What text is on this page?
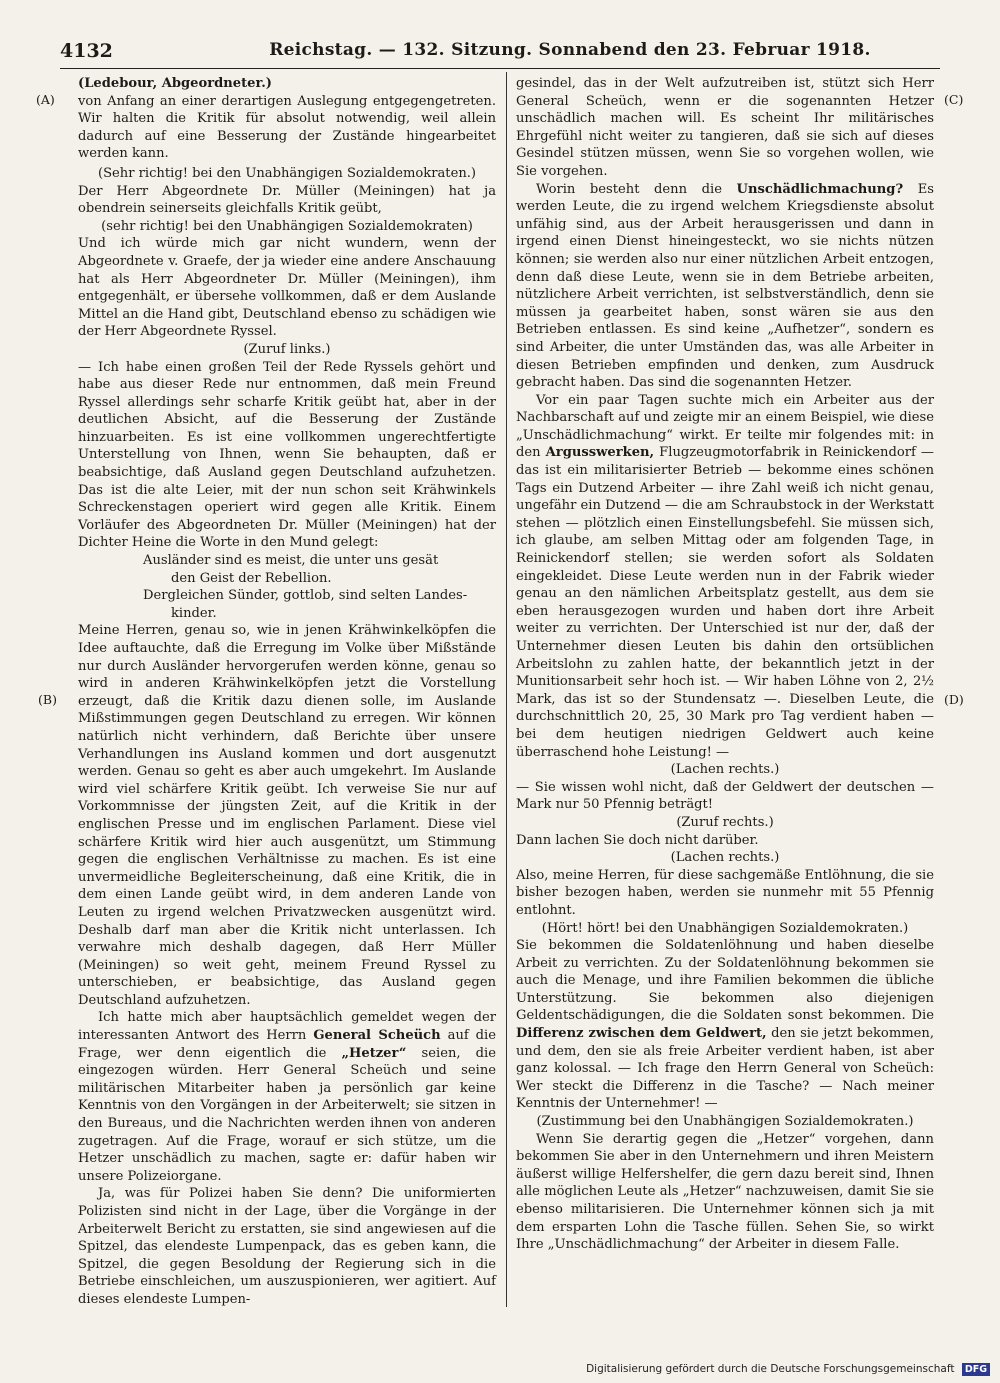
4132	Reichstag. — 132. Sitzung. Sonnabend den 23. Februar 1918.
(A)
(B)
(C)
(D)

(Ledebour, Abgeordneter.)

von Anfang an einer derartigen Auslegung entgegengetreten. Wir halten die Kritik für absolut notwendig, weil allein dadurch auf eine Besserung der Zustände hingearbeitet werden kann.

(Sehr richtig! bei den Unabhängigen Sozialdemokraten.)

Der Herr Abgeordnete Dr. Müller (Meiningen) hat ja obendrein seinerseits gleichfalls Kritik geübt,

(sehr richtig! bei den Unabhängigen Sozialdemokraten)

Und ich würde mich gar nicht wundern, wenn der Abgeordnete v. Graefe, der ja wieder eine andere Anschauung hat als Herr Abgeordneter Dr. Müller (Meiningen), ihm entgegenhält, er übersehe vollkommen, daß er dem Auslande Mittel an die Hand gibt, Deutschland ebenso zu schädigen wie der Herr Abgeordnete Ryssel.

(Zuruf links.)

— Ich habe einen großen Teil der Rede Ryssels gehört und habe aus dieser Rede nur entnommen, daß mein Freund Ryssel allerdings sehr scharfe Kritik geübt hat, aber in der deutlichen Absicht, auf die Besserung der Zustände hinzuarbeiten. Es ist eine vollkommen ungerechtfertigte Unterstellung von Ihnen, wenn Sie behaupten, daß er beabsichtige, daß Ausland gegen Deutschland aufzuhetzen. Das ist die alte Leier, mit der nun schon seit Krähwinkels Schreckenstagen operiert wird gegen alle Kritik. Einem Vorläufer des Abgeordneten Dr. Müller (Meiningen) hat der Dichter Heine die Worte in den Mund gelegt:

Ausländer sind es meist, die unter uns gesät
den Geist der Rebellion.
Dergleichen Sünder, gottlob, sind selten Landes-
kinder.

Meine Herren, genau so, wie in jenen Krähwinkelköpfen die Idee auftauchte, daß die Erregung im Volke über Mißstände nur durch Ausländer hervorgerufen werden könne, genau so wird in anderen Krähwinkelköpfen jetzt die Vorstellung erzeugt, daß die Kritik dazu dienen solle, im Auslande Mißstimmungen gegen Deutschland zu erregen. Wir können natürlich nicht verhindern, daß Berichte über unsere Verhandlungen ins Ausland kommen und dort ausgenutzt werden. Genau so geht es aber auch umgekehrt. Im Auslande wird viel schärfere Kritik geübt. Ich verweise Sie nur auf Vorkommnisse der jüngsten Zeit, auf die Kritik in der englischen Presse und im englischen Parlament. Diese viel schärfere Kritik wird hier auch ausgenützt, um Stimmung gegen die englischen Verhältnisse zu machen. Es ist eine unvermeidliche Begleiterscheinung, daß eine Kritik, die in dem einen Lande geübt wird, in dem anderen Lande von Leuten zu irgend welchen Privatzwecken ausgenützt wird. Deshalb darf man aber die Kritik nicht unterlassen. Ich verwahre mich deshalb dagegen, daß Herr Müller (Meiningen) so weit geht, meinem Freund Ryssel zu unterschieben, er beabsichtige, das Ausland gegen Deutschland aufzuhetzen.

Ich hatte mich aber hauptsächlich gemeldet wegen der interessanten Antwort des Herrn General Scheüch auf die Frage, wer denn eigentlich die „Hetzer“ seien, die eingezogen würden. Herr General Scheüch und seine militärischen Mitarbeiter haben ja persönlich gar keine Kenntnis von den Vorgängen in der Arbeiterwelt; sie sitzen in den Bureaus, und die Nachrichten werden ihnen von anderen zugetragen. Auf die Frage, worauf er sich stütze, um die Hetzer unschädlich zu machen, sagte er: dafür haben wir unsere Polizeiorgane.

Ja, was für Polizei haben Sie denn? Die uniformierten Polizisten sind nicht in der Lage, über die Vorgänge in der Arbeiterwelt Bericht zu erstatten, sie sind angewiesen auf die Spitzel, das elendeste Lumpenpack, das es geben kann, die Spitzel, die gegen Besoldung der Regierung sich in die Betriebe einschleichen, um auszuspionieren, wer agitiert. Auf dieses elendeste Lumpen-

gesindel, das in der Welt aufzutreiben ist, stützt sich Herr General Scheüch, wenn er die sogenannten Hetzer unschädlich machen will. Es scheint Ihr militärisches Ehrgefühl nicht weiter zu tangieren, daß sie sich auf dieses Gesindel stützen müssen, wenn Sie so vorgehen wollen, wie Sie vorgehen.

Worin besteht denn die Unschädlichmachung? Es werden Leute, die zu irgend welchem Kriegsdienste absolut unfähig sind, aus der Arbeit herausgerissen und dann in irgend einen Dienst hineingesteckt, wo sie nichts nützen können; sie werden also nur einer nützlichen Arbeit entzogen, denn daß diese Leute, wenn sie in dem Betriebe arbeiten, nützlichere Arbeit verrichten, ist selbstverständlich, denn sie müssen ja gearbeitet haben, sonst wären sie aus den Betrieben entlassen. Es sind keine „Aufhetzer“, sondern es sind Arbeiter, die unter Umständen das, was alle Arbeiter in diesen Betrieben empfinden und denken, zum Ausdruck gebracht haben. Das sind die sogenannten Hetzer.

Vor ein paar Tagen suchte mich ein Arbeiter aus der Nachbarschaft auf und zeigte mir an einem Beispiel, wie diese „Unschädlichmachung“ wirkt. Er teilte mir folgendes mit: in den Argusswerken, Flugzeugmotorfabrik in Reinickendorf — das ist ein militarisierter Betrieb — bekomme eines schönen Tags ein Dutzend Arbeiter — ihre Zahl weiß ich nicht genau, ungefähr ein Dutzend — die am Schraubstock in der Werkstatt stehen — plötzlich einen Einstellungsbefehl. Sie müssen sich, ich glaube, am selben Mittag oder am folgenden Tage, in Reinickendorf stellen; sie werden sofort als Soldaten eingekleidet. Diese Leute werden nun in der Fabrik wieder genau an den nämlichen Arbeitsplatz gestellt, aus dem sie eben herausgezogen wurden und haben dort ihre Arbeit weiter zu verrichten. Der Unterschied ist nur der, daß der Unternehmer diesen Leuten bis dahin den ortsüblichen Arbeitslohn zu zahlen hatte, der bekanntlich jetzt in der Munitionsarbeit sehr hoch ist. — Wir haben Löhne von 2, 2½ Mark, das ist so der Stundensatz —. Dieselben Leute, die durchschnittlich 20, 25, 30 Mark pro Tag verdient haben — bei dem heutigen niedrigen Geldwert auch keine überraschend hohe Leistung! —

(Lachen rechts.)

— Sie wissen wohl nicht, daß der Geldwert der deutschen — Mark nur 50 Pfennig beträgt!

(Zuruf rechts.)

Dann lachen Sie doch nicht darüber.

(Lachen rechts.)

Also, meine Herren, für diese sachgemäße Entlöhnung, die sie bisher bezogen haben, werden sie nunmehr mit 55 Pfennig entlohnt.

(Hört! hört! bei den Unabhängigen Sozialdemokraten.)

Sie bekommen die Soldatenlöhnung und haben dieselbe Arbeit zu verrichten. Zu der Soldatenlöhnung bekommen sie auch die Menage, und ihre Familien bekommen die übliche Unterstützung. Sie bekommen also diejenigen Geldentschädigungen, die die Soldaten sonst bekommen. Die Differenz zwischen dem Geldwert, den sie jetzt bekommen, und dem, den sie als freie Arbeiter verdient haben, ist aber ganz kolossal. — Ich frage den Herrn General von Scheüch: Wer steckt die Differenz in die Tasche? — Nach meiner Kenntnis der Unternehmer! —

(Zustimmung bei den Unabhängigen Sozialdemokraten.)

Wenn Sie derartig gegen die „Hetzer“ vorgehen, dann bekommen Sie aber in den Unternehmern und ihren Meistern äußerst willige Helfershelfer, die gern dazu bereit sind, Ihnen alle möglichen Leute als „Hetzer“ nachzuweisen, damit Sie sie ebenso militarisieren. Die Unternehmer können sich ja mit dem ersparten Lohn die Tasche füllen. Sehen Sie, so wirkt Ihre „Unschädlichmachung“ der Arbeiter in diesem Falle.

Digitalisierung gefördert durch die Deutsche Forschungsgemeinschaft DFG
